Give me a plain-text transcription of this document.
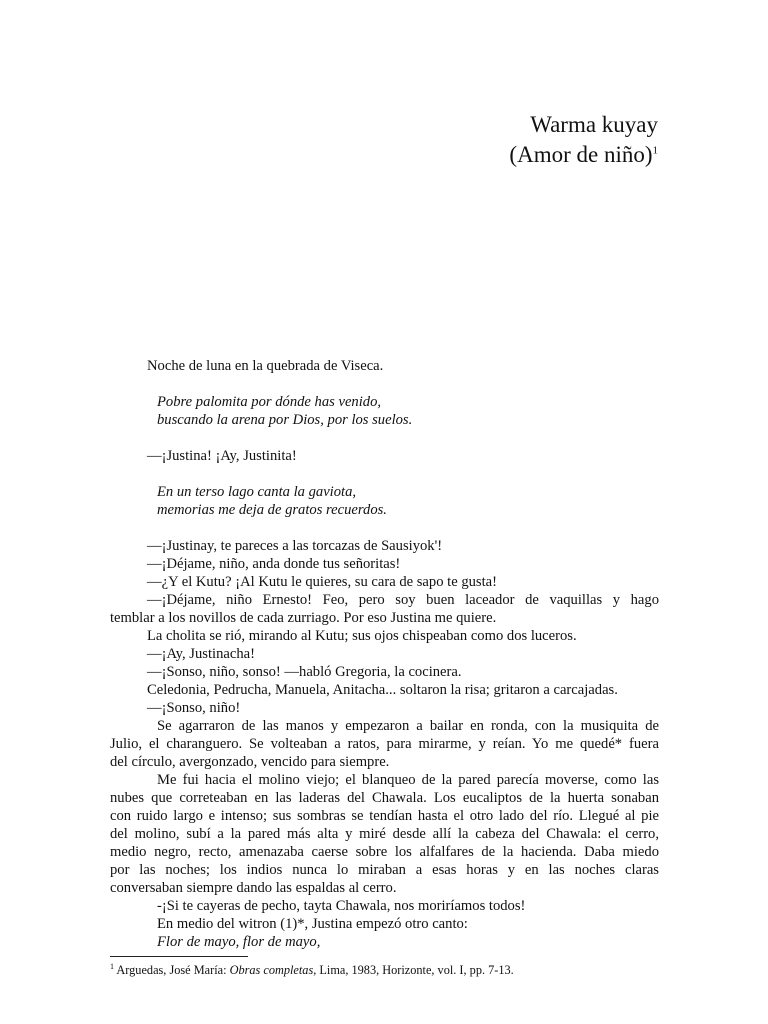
Warma kuyay
(Amor de niño)$^1$
Noche de luna en la quebrada de Viseca.
Pobre palomita por dónde has venido,
buscando la arena por Dios, por los suelos.
—¡Justina! ¡Ay, Justinita!
En un terso lago canta la gaviota,
memorias me deja de gratos recuerdos.
—¡Justinay, te pareces a las torcazas de Sausiyok'!
—¡Déjame, niño, anda donde tus señoritas!
—¿Y el Kutu? ¡Al Kutu le quieres, su cara de sapo te gusta!
—¡Déjame, niño Ernesto! Feo, pero soy buen laceador de vaquillas y hago
temblar a los novillos de cada zurriago. Por eso Justina me quiere.
La cholita se rió, mirando al Kutu; sus ojos chispeaban como dos luceros.
—¡Ay, Justinacha!
—¡Sonso, niño, sonso! —habló Gregoria, la cocinera.
Celedonia, Pedrucha, Manuela, Anitacha... soltaron la risa; gritaron a carcajadas.
—¡Sonso, niño!
Se agarraron de las manos y empezaron a bailar en ronda, con la musiquita de
Julio, el charanguero. Se volteaban a ratos, para mirarme, y reían. Yo me quedé* fuera
del círculo, avergonzado, vencido para siempre.
Me fui hacia el molino viejo; el blanqueo de la pared parecía moverse, como las
nubes que correteaban en las laderas del Chawala. Los eucaliptos de la huerta sonaban
con ruido largo e intenso; sus sombras se tendían hasta el otro lado del río. Llegué al pie
del molino, subí a la pared más alta y miré desde allí la cabeza del Chawala: el cerro,
medio negro, recto, amenazaba caerse sobre los alfalfares de la hacienda. Daba miedo
por las noches; los indios nunca lo miraban a esas horas y en las noches claras
conversaban siempre dando las espaldas al cerro.
-¡Si te cayeras de pecho, tayta Chawala, nos moriríamos todos!
En medio del witron (1)*, Justina empezó otro canto:
Flor de mayo, flor de mayo,
$^1$ Arguedas, José María: Obras completas, Lima, 1983, Horizonte, vol. I, pp. 7-13.
